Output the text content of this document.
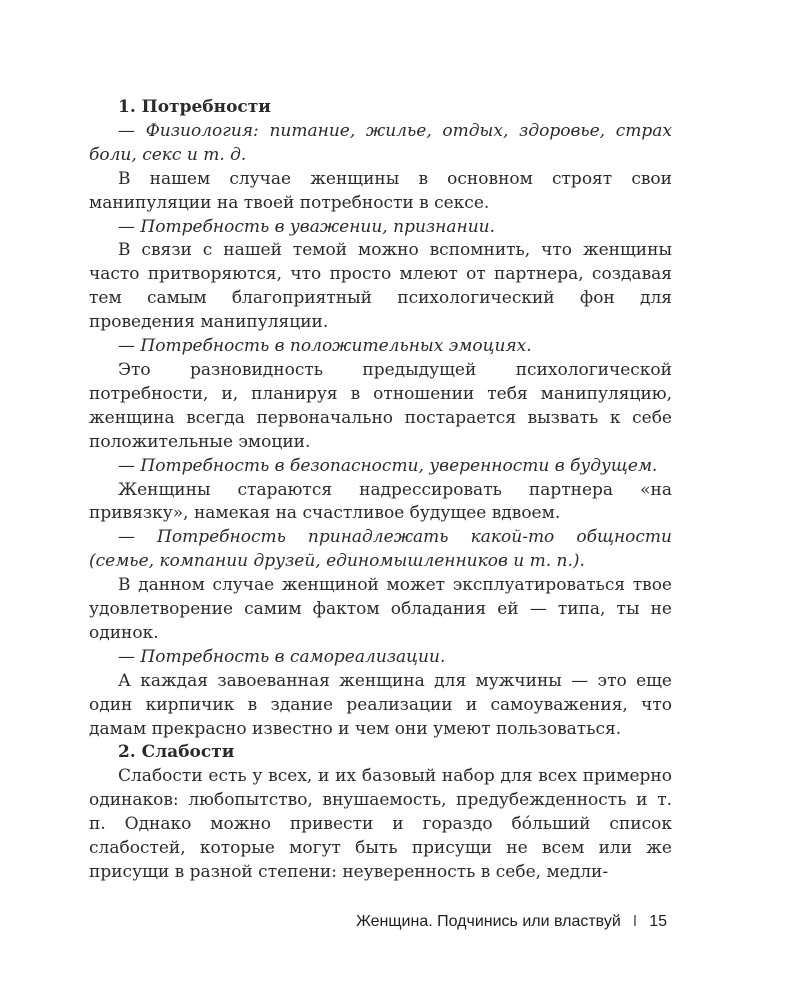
1. Потребности

— Физиология: питание, жилье, отдых, здоровье, страх боли, секс и т. д.

В нашем случае женщины в основном строят свои манипуляции на твоей потребности в сексе.

— Потребность в уважении, признании.

В связи с нашей темой можно вспомнить, что женщины часто притворяются, что просто млеют от партнера, создавая тем самым благоприятный психологический фон для проведения манипуляции.

— Потребность в положительных эмоциях.

Это разновидность предыдущей психологической потребности, и, планируя в отношении тебя манипуляцию, женщина всегда первоначально постарается вызвать к себе положительные эмоции.

— Потребность в безопасности, уверенности в будущем.

Женщины стараются надрессировать партнера «на привязку», намекая на счастливое будущее вдвоем.

— Потребность принадлежать какой-то общности (семье, компании друзей, единомышленников и т. п.).

В данном случае женщиной может эксплуатироваться твое удовлетворение самим фактом обладания ей — типа, ты не одинок.

— Потребность в самореализации.

А каждая завоеванная женщина для мужчины — это еще один кирпичик в здание реализации и самоуважения, что дамам прекрасно известно и чем они умеют пользоваться.

2. Слабости

Слабости есть у всех, и их базовый набор для всех примерно одинаков: любопытство, внушаемость, предубежденность и т. п. Однако можно привести и гораздо бо́льший список слабостей, которые могут быть присущи не всем или же присущи в разной степени: неуверенность в себе, медли-

Женщина. Подчинись или властвуй I 15
